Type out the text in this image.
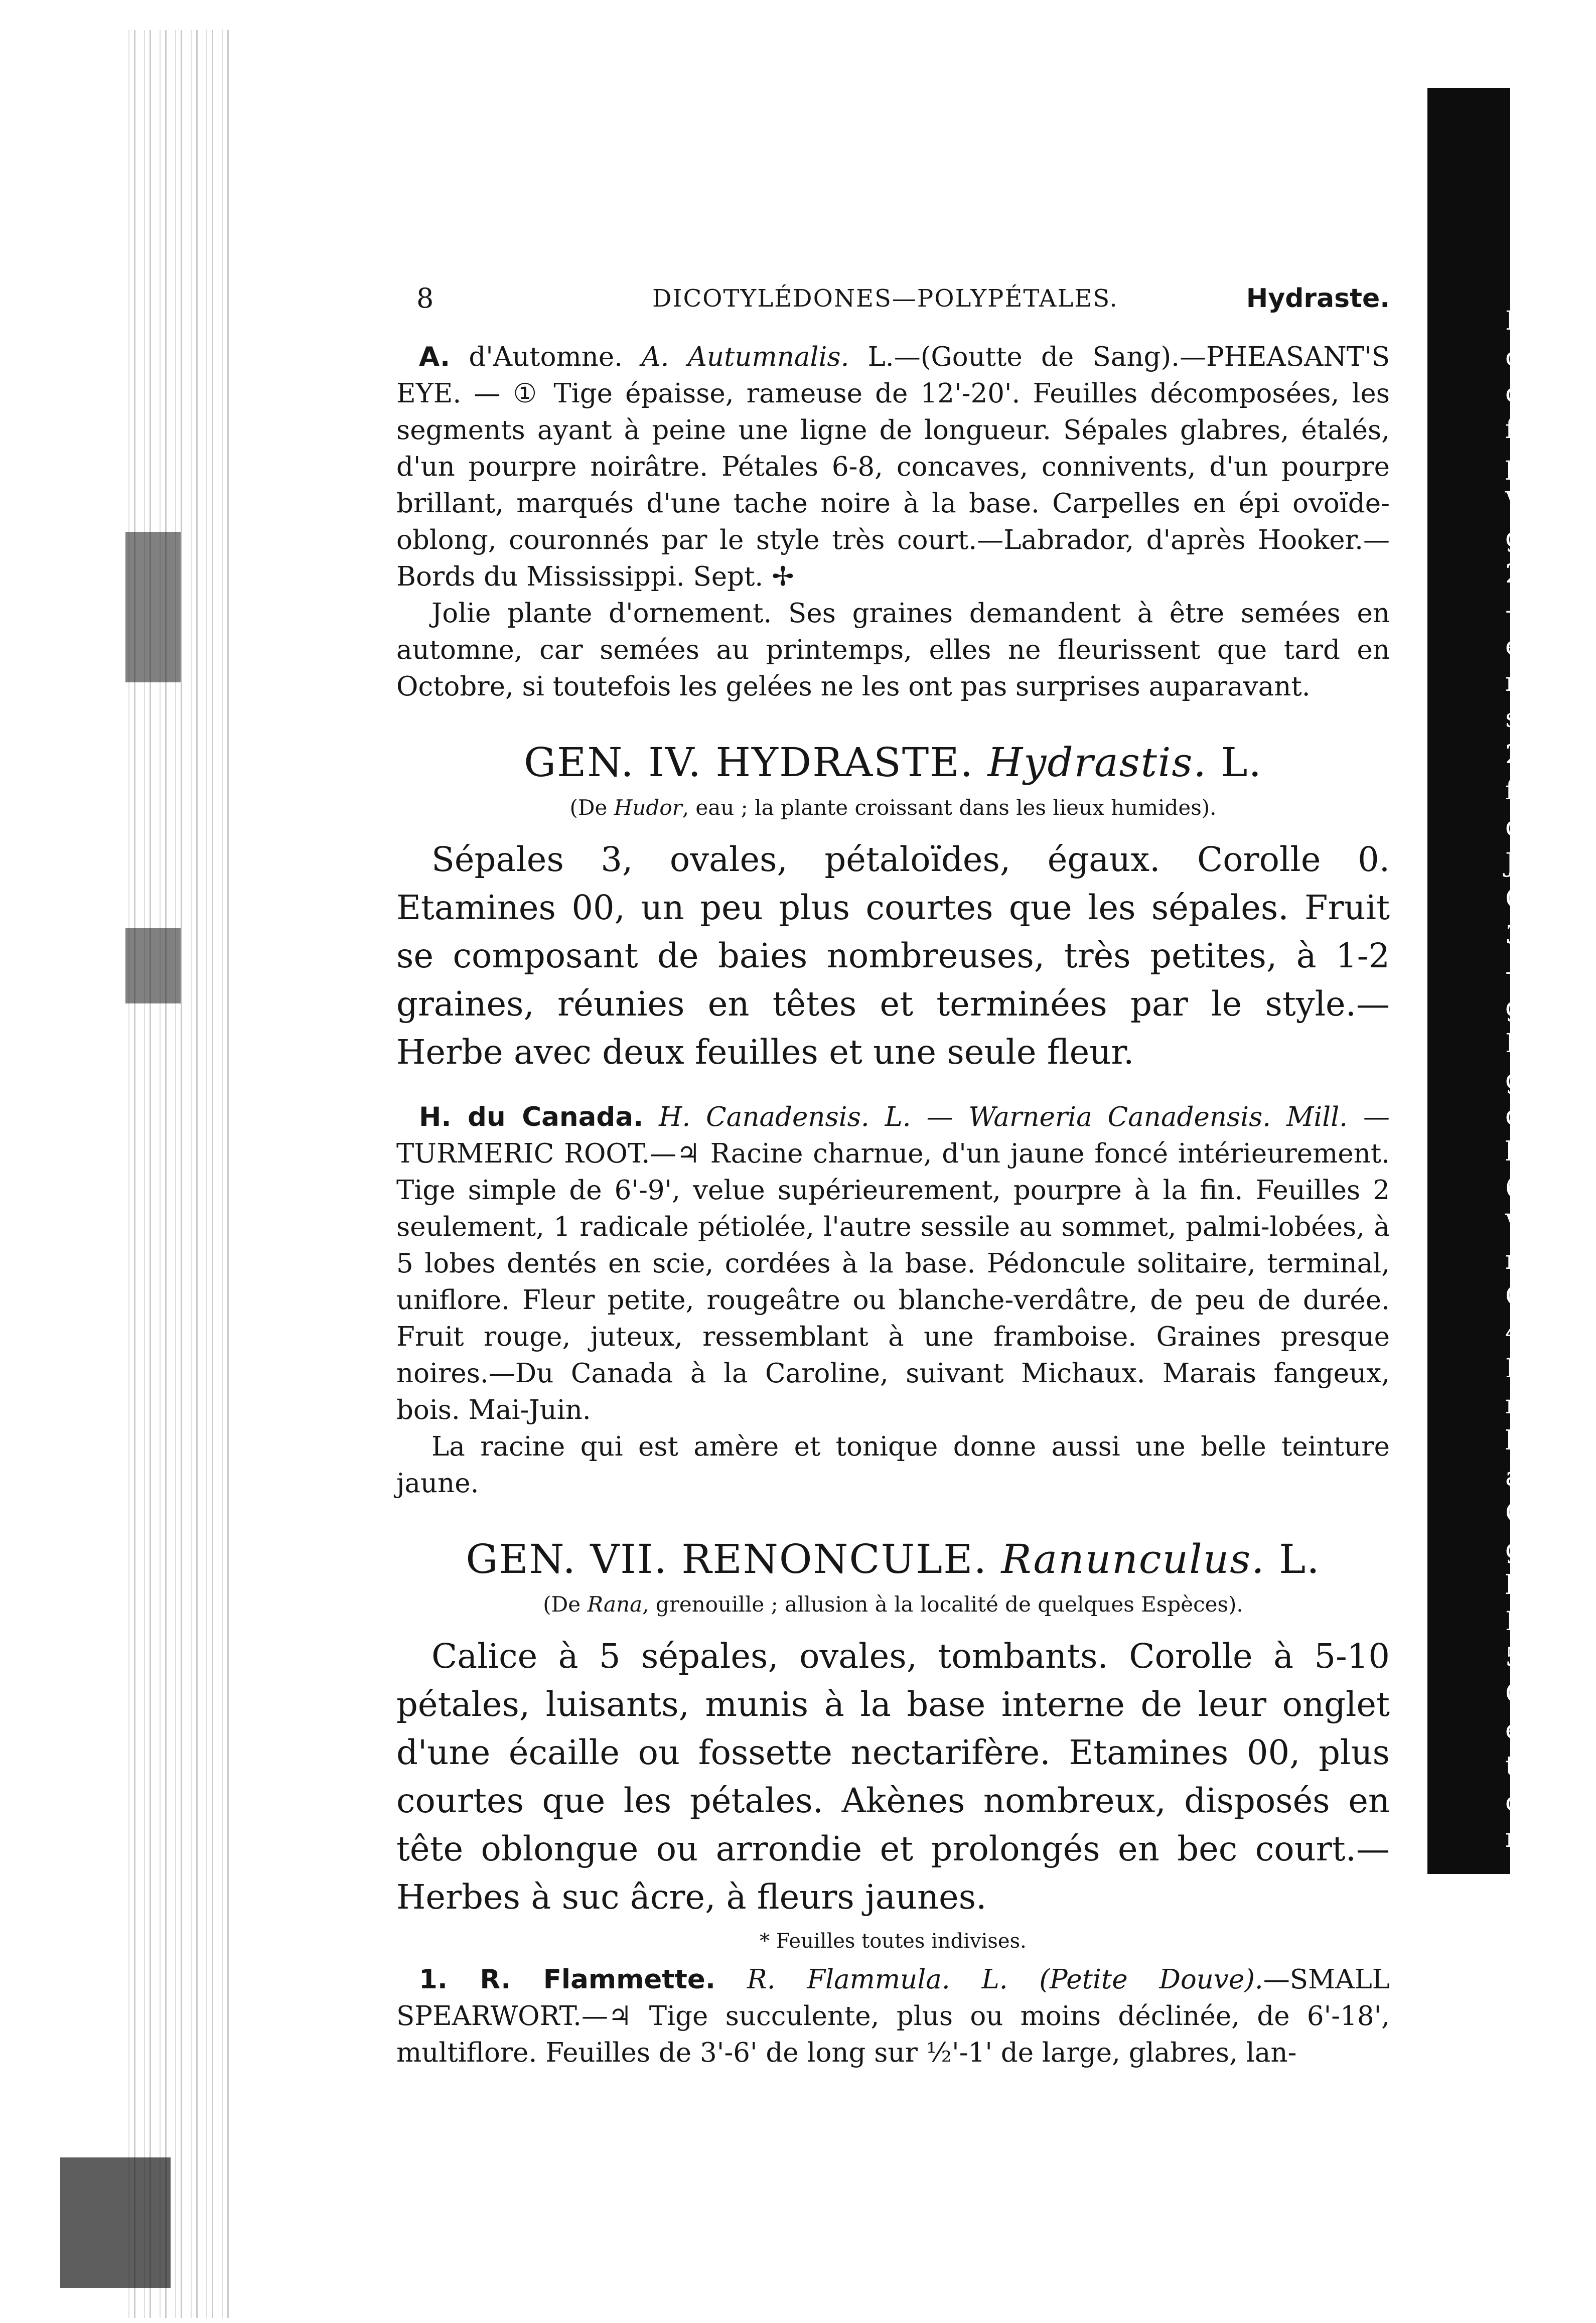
8	DICOTYLÉDONES—POLYPÉTALES.	Hydraste.

A. d'Automne. A. Autumnalis. L.—(Goutte de Sang).—PHEASANT'S EYE. — ① Tige épaisse, rameuse de 12'-20'. Feuilles décomposées, les segments ayant à peine une ligne de longueur. Sépales glabres, étalés, d'un pourpre noirâtre. Pétales 6-8, concaves, connivents, d'un pourpre brillant, marqués d'une tache noire à la base. Carpelles en épi ovoïde-oblong, couronnés par le style très court.—Labrador, d'après Hooker.—Bords du Mississippi. Sept. ✢

Jolie plante d'ornement. Ses graines demandent à être semées en automne, car semées au printemps, elles ne fleurissent que tard en Octobre, si toutefois les gelées ne les ont pas surprises auparavant.

GEN. IV. HYDRASTE. Hydrastis. L.
(De Hudor, eau ; la plante croissant dans les lieux humides).

Sépales 3, ovales, pétaloïdes, égaux. Corolle 0. Etamines 00, un peu plus courtes que les sépales. Fruit se composant de baies nombreuses, très petites, à 1-2 graines, réunies en têtes et terminées par le style.—Herbe avec deux feuilles et une seule fleur.

H. du Canada. H. Canadensis. L. — Warneria Canadensis. Mill. —TURMERIC ROOT.—♃ Racine charnue, d'un jaune foncé intérieurement. Tige simple de 6'-9', velue supérieurement, pourpre à la fin. Feuilles 2 seulement, 1 radicale pétiolée, l'autre sessile au sommet, palmi-lobées, à 5 lobes dentés en scie, cordées à la base. Pédoncule solitaire, terminal, uniflore. Fleur petite, rougeâtre ou blanche-verdâtre, de peu de durée. Fruit rouge, juteux, ressemblant à une framboise. Graines presque noires.—Du Canada à la Caroline, suivant Michaux. Marais fangeux, bois. Mai-Juin.

La racine qui est amère et tonique donne aussi une belle teinture jaune.

GEN. VII. RENONCULE. Ranunculus. L.
(De Rana, grenouille ; allusion à la localité de quelques Espèces).

Calice à 5 sépales, ovales, tombants. Corolle à 5-10 pétales, luisants, munis à la base interne de leur onglet d'une écaille ou fossette nectarifère. Etamines 00, plus courtes que les pétales. Akènes nombreux, disposés en tête oblongue ou arrondie et prolongés en bec court.—Herbes à suc âcre, à fleurs jaunes.

* Feuilles toutes indivises.

1. R. Flammette. R. Flammula. L. (Petite Douve).—SMALL SPEARWORT.—♃ Tige succulente, plus ou moins déclinée, de 6'-18', multiflore. Feuilles de 3'-6' de long sur ½'-1' de large, glabres, lan-

R
céc
cu
fèr
pe
Va
gra
2
—S
ém
rad
sièr
2'-6
fos
de l
Jui
C
3.
—
glab
Fle
glab
α
long
6
Vi
mid
Cha
4.
LEA
radic
les c
au tc
Calic
globu
la d
King
5.
CURS
épai
tites,
crénel
nomb
—Sa
la têt
les esp
comm
